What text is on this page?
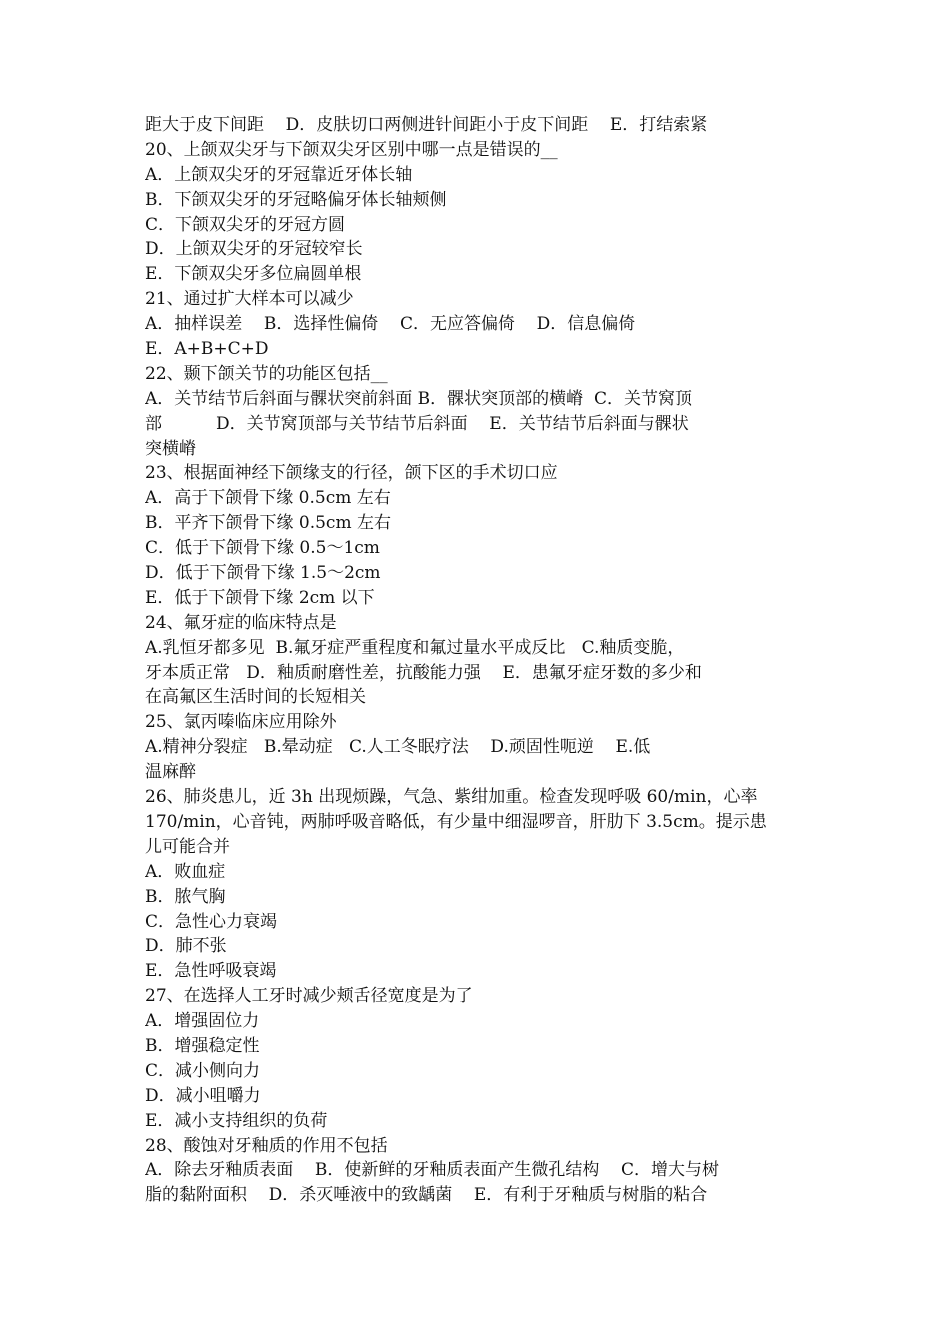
距大于皮下间距    D．皮肤切口两侧进针间距小于皮下间距    E．打结索紧
20、上颌双尖牙与下颌双尖牙区别中哪一点是错误的__
A．上颌双尖牙的牙冠靠近牙体长轴
B．下颌双尖牙的牙冠略偏牙体长轴颊侧
C．下颌双尖牙的牙冠方圆
D．上颌双尖牙的牙冠较窄长
E．下颌双尖牙多位扁圆单根
21、通过扩大样本可以减少
A．抽样误差    B．选择性偏倚    C．无应答偏倚    D．信息偏倚
E．A+B+C+D
22、颞下颌关节的功能区包括__
A．关节结节后斜面与髁状突前斜面 B．髁状突顶部的横嵴  C．关节窝顶
部          D．关节窝顶部与关节结节后斜面    E．关节结节后斜面与髁状
突横嵴
23、根据面神经下颌缘支的行径，颌下区的手术切口应
A．高于下颌骨下缘 0.5cm 左右
B．平齐下颌骨下缘 0.5cm 左右
C．低于下颌骨下缘 0.5～1cm
D．低于下颌骨下缘 1.5～2cm
E．低于下颌骨下缘 2cm 以下
24、氟牙症的临床特点是
A.乳恒牙都多见  B.氟牙症严重程度和氟过量水平成反比   C.釉质变脆，
牙本质正常   D．釉质耐磨性差，抗酸能力强    E．患氟牙症牙数的多少和
在高氟区生活时间的长短相关
25、氯丙嗪临床应用除外
A.精神分裂症   B.晕动症   C.人工冬眠疗法    D.顽固性呃逆    E.低
温麻醉
26、肺炎患儿，近 3h 出现烦躁，气急、紫绀加重。检查发现呼吸 60/min，心率
170/min，心音钝，两肺呼吸音略低，有少量中细湿啰音，肝肋下 3.5cm。提示患
儿可能合并
A．败血症
B．脓气胸
C．急性心力衰竭
D．肺不张
E．急性呼吸衰竭
27、在选择人工牙时减少颊舌径宽度是为了
A．增强固位力
B．增强稳定性
C．减小侧向力
D．减小咀嚼力
E．减小支持组织的负荷
28、酸蚀对牙釉质的作用不包括
A．除去牙釉质表面    B．使新鲜的牙釉质表面产生微孔结构    C．增大与树
脂的黏附面积    D．杀灭唾液中的致龋菌    E．有利于牙釉质与树脂的粘合
